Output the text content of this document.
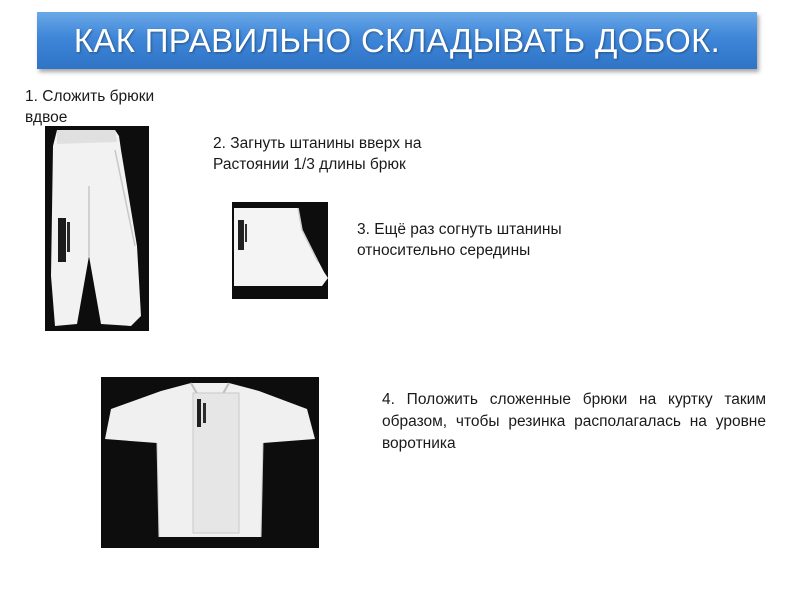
КАК ПРАВИЛЬНО СКЛАДЫВАТЬ ДОБОК.
1. Сложить брюки вдвое
2. Загнуть штанины вверх на Растоянии 1/3 длины брюк
3. Ещё раз согнуть штанины относительно середины
4. Положить сложенные брюки на куртку таким образом, чтобы резинка располагалась на уровне воротника
